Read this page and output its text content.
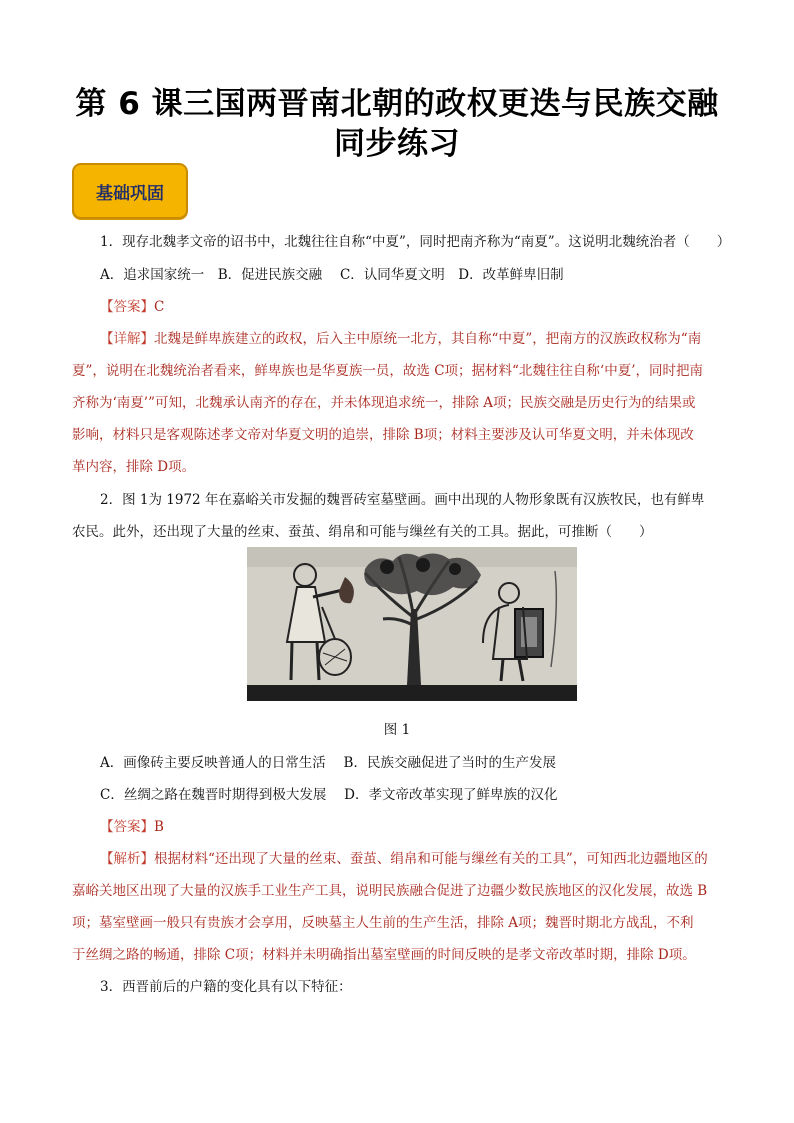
第 6 课三国两晋南北朝的政权更迭与民族交融
同步练习
基础巩固
1．现存北魏孝文帝的诏书中，北魏往往自称“中夏”，同时把南齐称为“南夏”。这说明北魏统治者（　　）
A．追求国家统一　B．促进民族交融　 C．认同华夏文明　D．改革鲜卑旧制
【答案】C
【详解】北魏是鲜卑族建立的政权，后入主中原统一北方，其自称“中夏”，把南方的汉族政权称为“南
夏”，说明在北魏统治者看来，鲜卑族也是华夏族一员，故选 C项；据材料“北魏往往自称‘中夏’，同时把南
齐称为‘南夏’”可知，北魏承认南齐的存在，并未体现追求统一，排除 A项；民族交融是历史行为的结果或
影响，材料只是客观陈述孝文帝对华夏文明的追崇，排除 B项；材料主要涉及认可华夏文明，并未体现改
革内容，排除 D项。
2．图 1为 1972 年在嘉峪关市发掘的魏晋砖室墓壁画。画中出现的人物形象既有汉族牧民，也有鲜卑
农民。此外，还出现了大量的丝束、蚕茧、绢帛和可能与缫丝有关的工具。据此，可推断（　　）
图 1
A．画像砖主要反映普通人的日常生活　 B．民族交融促进了当时的生产发展
C．丝绸之路在魏晋时期得到极大发展　 D．孝文帝改革实现了鲜卑族的汉化
【答案】B
【解析】根据材料“还出现了大量的丝束、蚕茧、绢帛和可能与缫丝有关的工具”，可知西北边疆地区的
嘉峪关地区出现了大量的汉族手工业生产工具，说明民族融合促进了边疆少数民族地区的汉化发展，故选 B
项；墓室壁画一般只有贵族才会享用，反映墓主人生前的生产生活，排除 A项；魏晋时期北方战乱，不利
于丝绸之路的畅通，排除 C项；材料并未明确指出墓室壁画的时间反映的是孝文帝改革时期，排除 D项。
3．西晋前后的户籍的变化具有以下特征：
